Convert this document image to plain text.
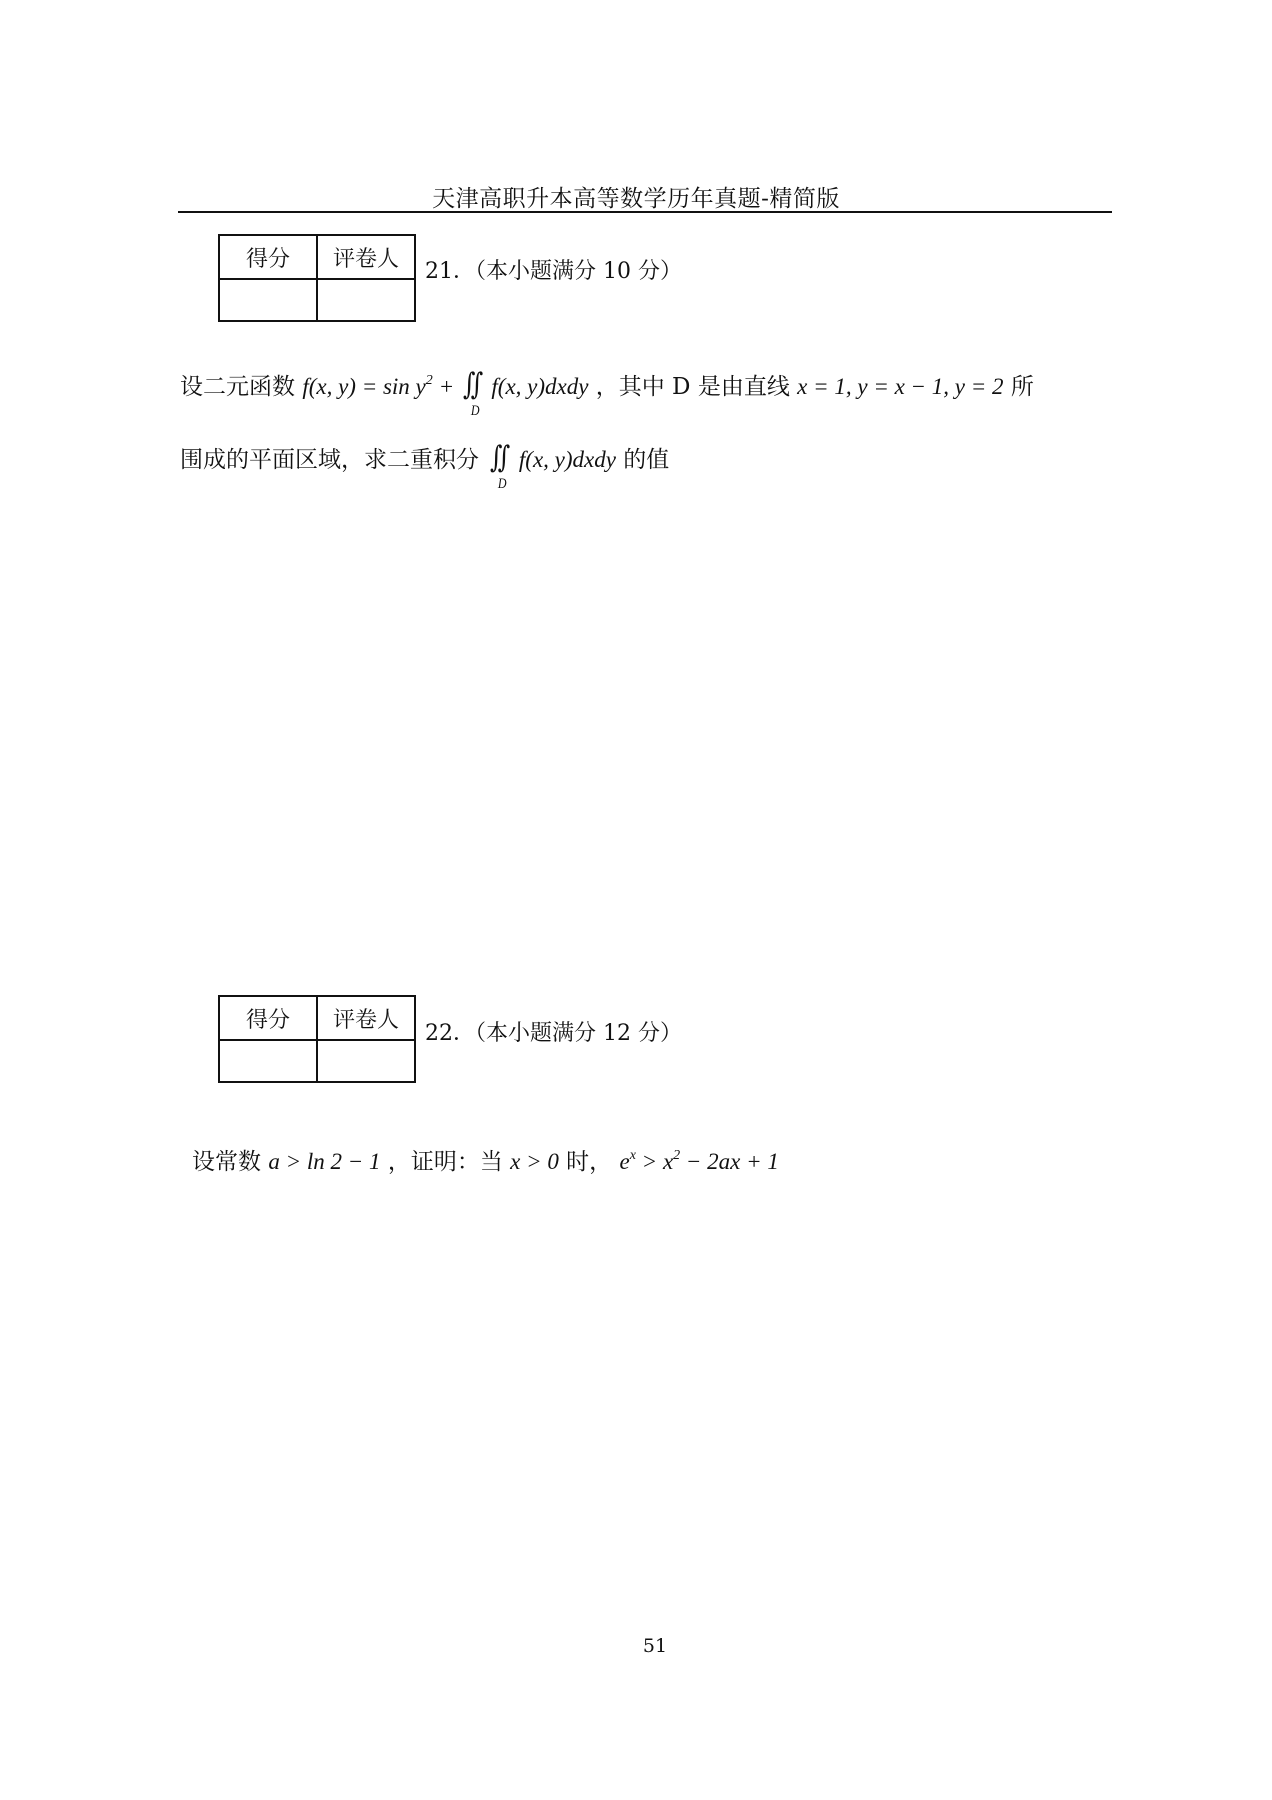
天津高职升本高等数学历年真题-精简版
得分	评卷人
	21．（本小题满分 10 分）
设二元函数 f(x, $y) = \sin y^2$ + ∫∫
D
f(x, y)dxdy ，其中 D 是由直线 x = 1, y = x − 1, y = 2 所
围成的平面区域，求二重积分 ∫∫
D
f(x, y)dxdy 的值
得分	评卷人

22．（本小题满分 12 分）
设常数 a > ln 2 − 1 ，证明：当 x > 0 时， $e^x > x^2 - 2ax + 1$
51
